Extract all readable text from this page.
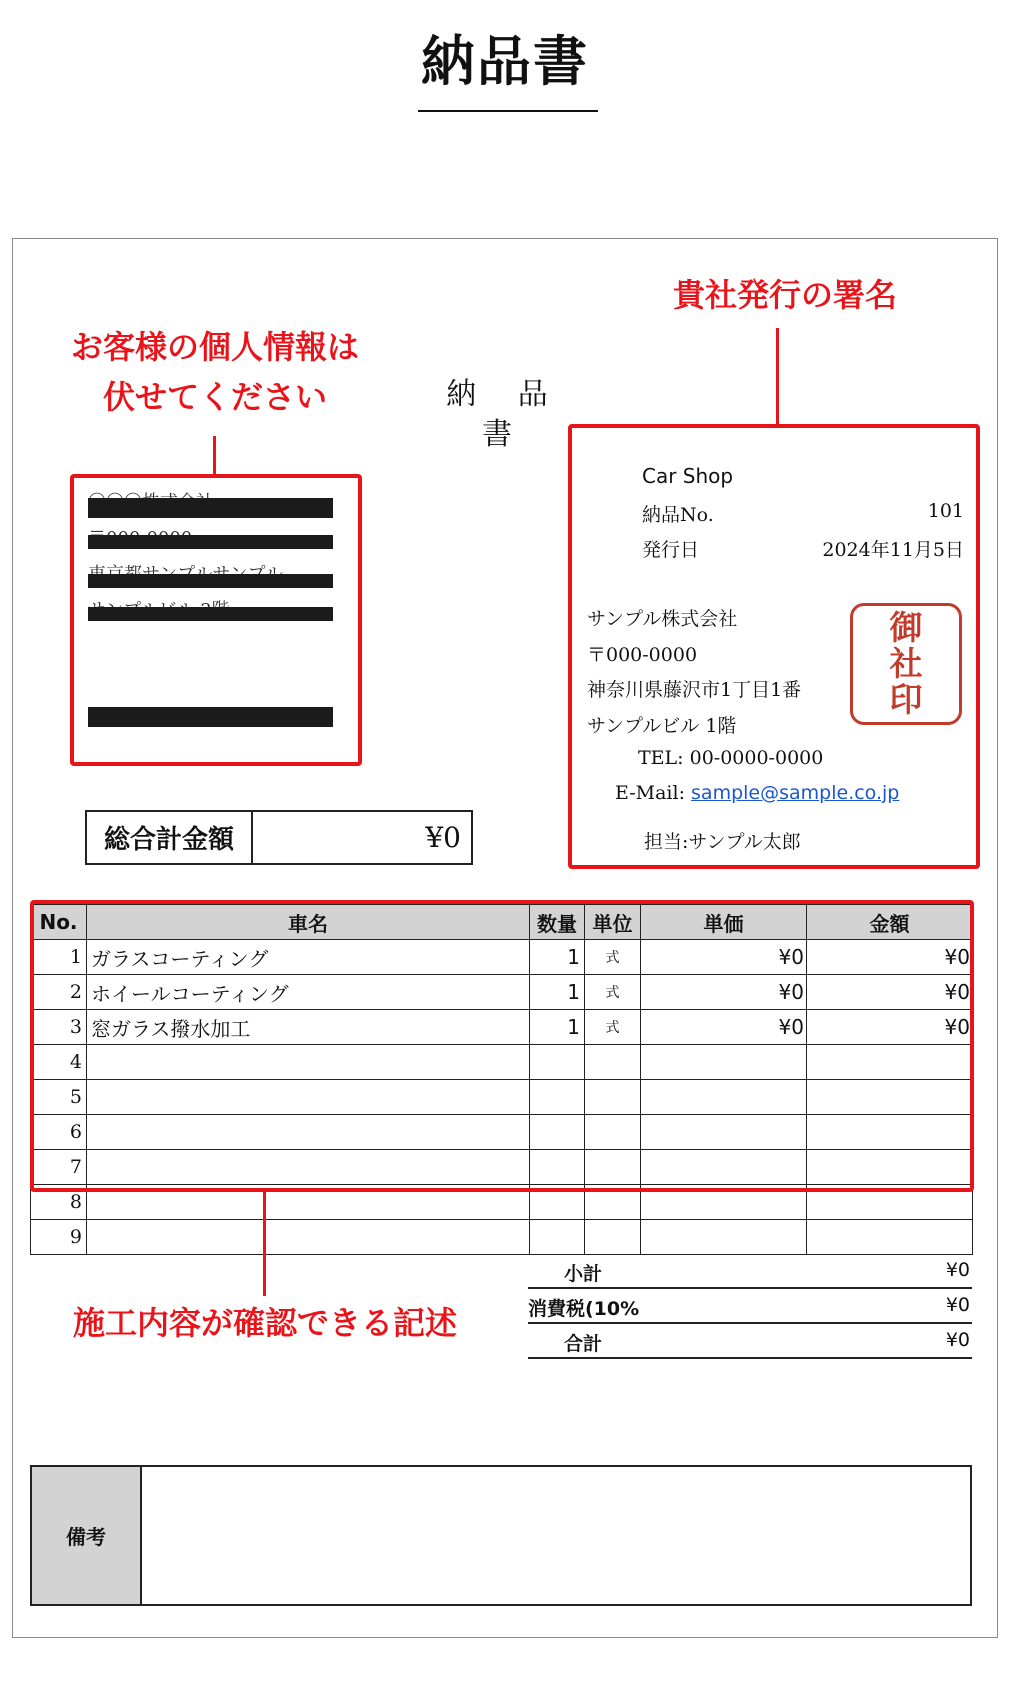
納品書
納 品 書
総合計金額	¥0
Car Shop
納品No.	101
発行日	2024年11月5日
サンプル株式会社
〒000-0000
神奈川県藤沢市1丁目1番
サンプルビル 1階
TEL: 00-0000-0000
E-Mail: sample@sample.co.jp
担当:サンプル太郎
御
社
印
No.	車名	数量	単位	単価	金額
1	ガラスコーティング	1	式	¥0	¥0
2	ホイールコーティング	1	式	¥0	¥0
3	窓ガラス撥水加工	1	式	¥0	¥0
4					
5					
6					
7					
8					
9					
小計	¥0
消費税(10%	¥0
合計	¥0
備考
お客様の個人情報は
伏せてください
貴社発行の署名
施工内容が確認できる記述
